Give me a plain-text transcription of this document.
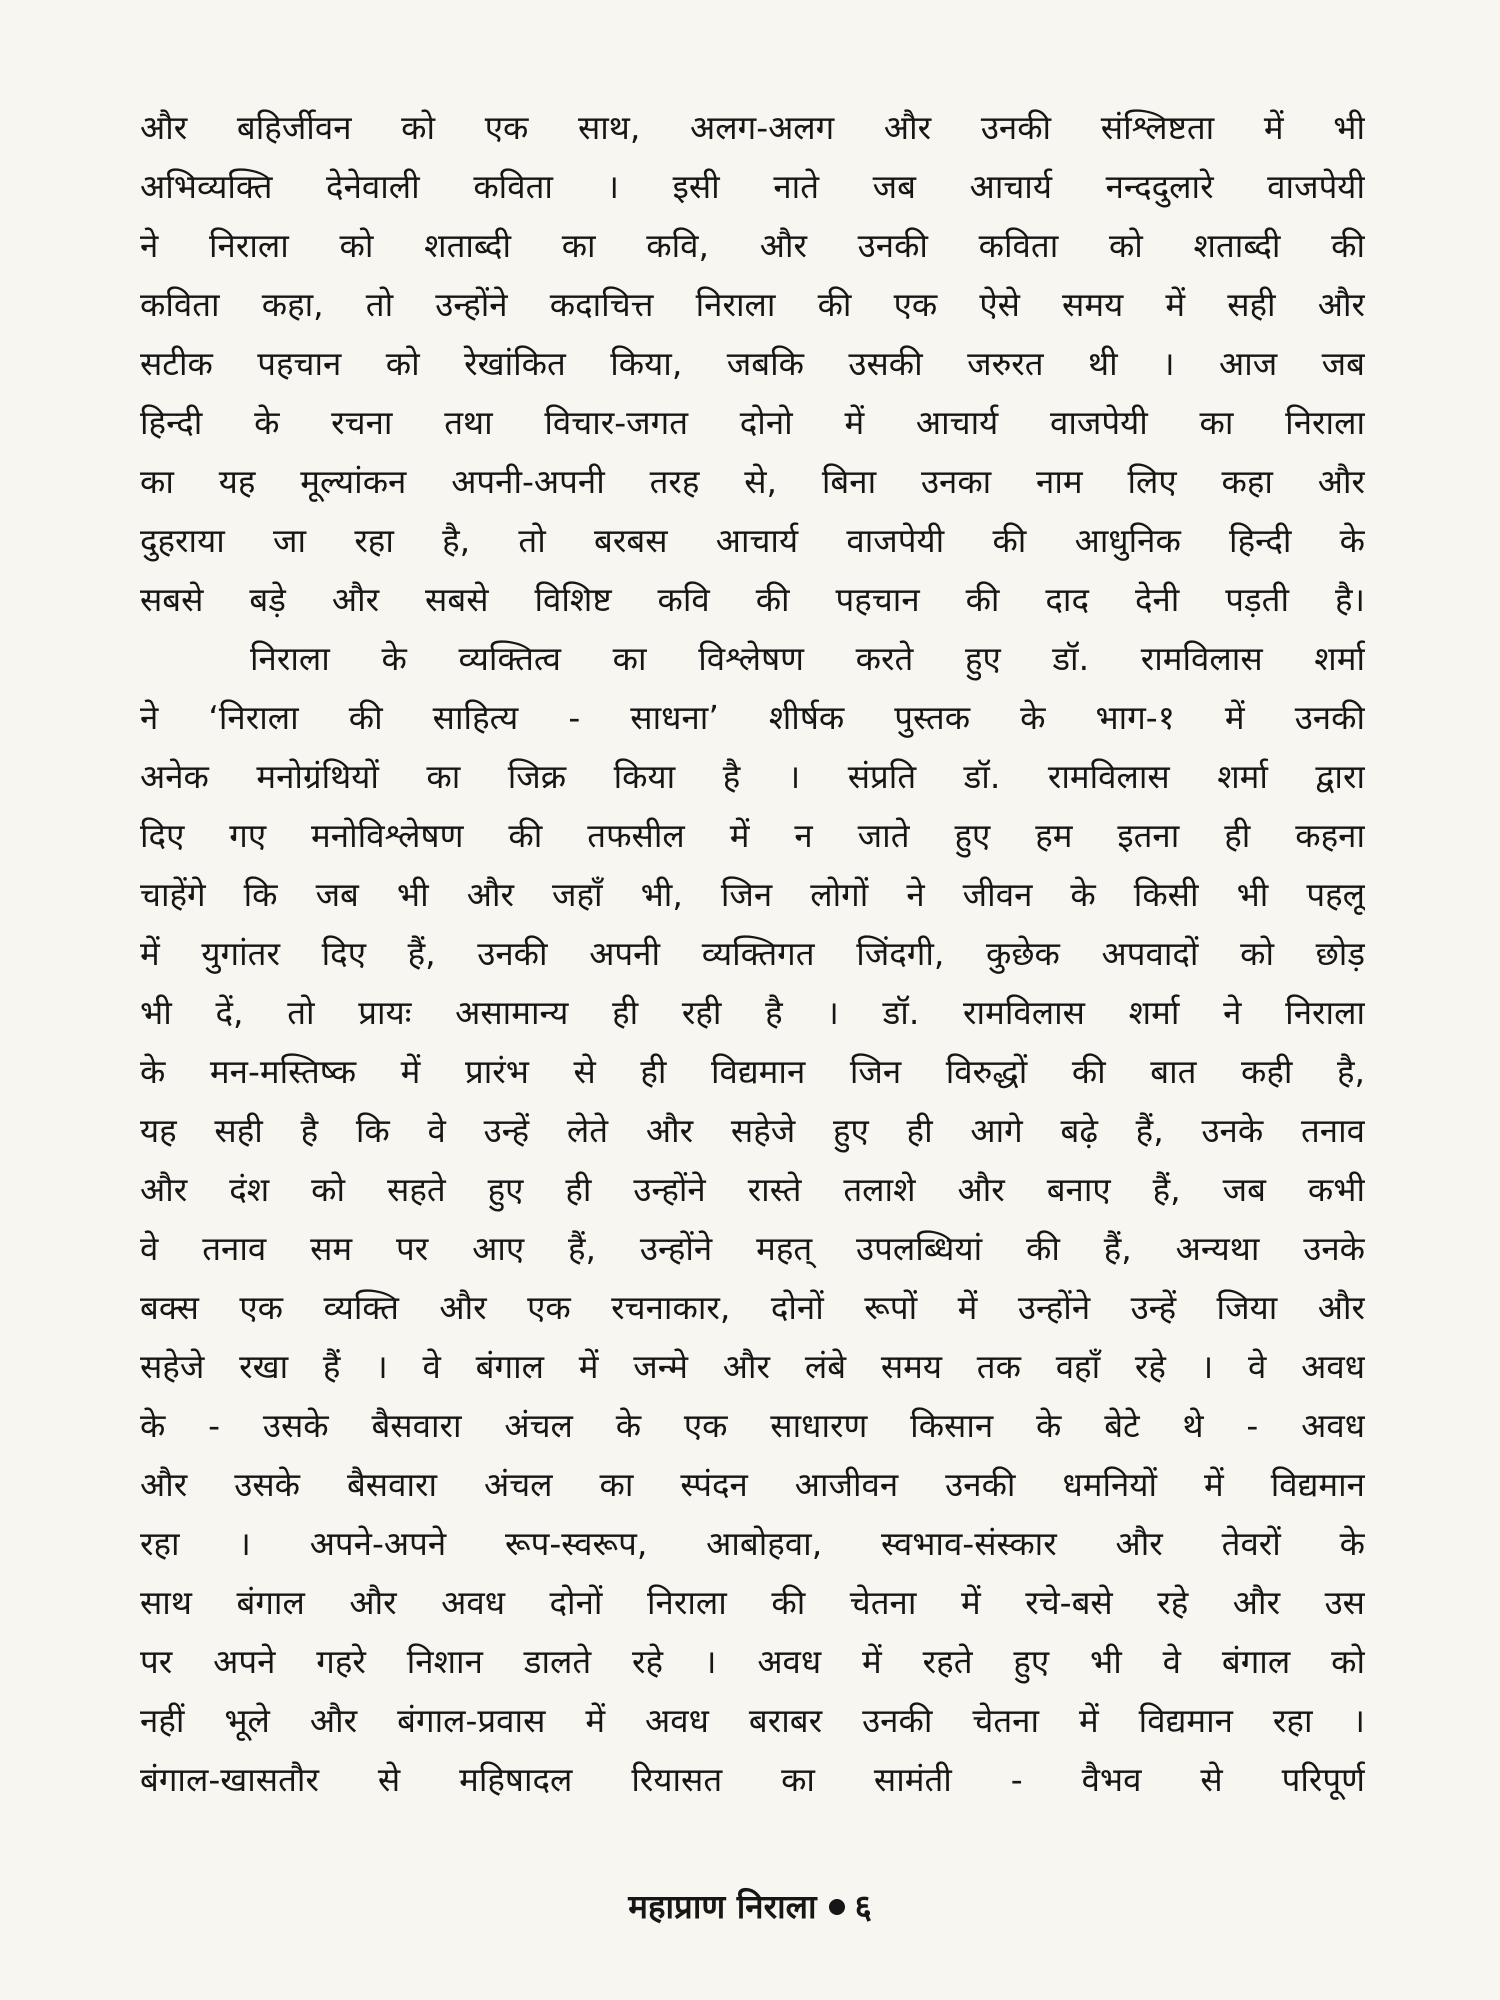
और बहिर्जीवन को एक साथ, अलग-अलग और उनकी संश्लिष्टता में भी
अभिव्यक्ति देनेवाली कविता । इसी नाते जब आचार्य नन्ददुलारे वाजपेयी
ने निराला को शताब्दी का कवि, और उनकी कविता को शताब्दी की
कविता कहा, तो उन्होंने कदाचित्त निराला की एक ऐसे समय में सही और
सटीक पहचान को रेखांकित किया, जबकि उसकी जरुरत थी । आज जब
हिन्दी के रचना तथा विचार-जगत दोनो में आचार्य वाजपेयी का निराला
का यह मूल्यांकन अपनी-अपनी तरह से, बिना उनका नाम लिए कहा और
दुहराया जा रहा है, तो बरबस आचार्य वाजपेयी की आधुनिक हिन्दी के
सबसे बड़े और सबसे विशिष्ट कवि की पहचान की दाद देनी पड़ती है।
निराला के व्यक्तित्व का विश्लेषण करते हुए डॉ. रामविलास शर्मा
ने ‘निराला की साहित्य - साधना’ शीर्षक पुस्तक के भाग-१ में उनकी
अनेक मनोग्रंथियों का जिक्र किया है । संप्रति डॉ. रामविलास शर्मा द्वारा
दिए गए मनोविश्लेषण की तफसील में न जाते हुए हम इतना ही कहना
चाहेंगे कि जब भी और जहाँ भी, जिन लोगों ने जीवन के किसी भी पहलू
में युगांतर दिए हैं, उनकी अपनी व्यक्तिगत जिंदगी, कुछेक अपवादों को छोड़
भी दें, तो प्रायः असामान्य ही रही है । डॉ. रामविलास शर्मा ने निराला
के मन-मस्तिष्क में प्रारंभ से ही विद्यमान जिन विरुद्धों की बात कही है,
यह सही है कि वे उन्हें लेते और सहेजे हुए ही आगे बढ़े हैं, उनके तनाव
और दंश को सहते हुए ही उन्होंने रास्ते तलाशे और बनाए हैं, जब कभी
वे तनाव सम पर आए हैं, उन्होंने महत् उपलब्धियां की हैं, अन्यथा उनके
बक्स एक व्यक्ति और एक रचनाकार, दोनों रूपों में उन्होंने उन्हें जिया और
सहेजे रखा हैं । वे बंगाल में जन्मे और लंबे समय तक वहाँ रहे । वे अवध
के - उसके बैसवारा अंचल के एक साधारण किसान के बेटे थे - अवध
और उसके बैसवारा अंचल का स्पंदन आजीवन उनकी धमनियों में विद्यमान
रहा । अपने-अपने रूप-स्वरूप, आबोहवा, स्वभाव-संस्कार और तेवरों के
साथ बंगाल और अवध दोनों निराला की चेतना में रचे-बसे रहे और उस
पर अपने गहरे निशान डालते रहे । अवध में रहते हुए भी वे बंगाल को
नहीं भूले और बंगाल-प्रवास में अवध बराबर उनकी चेतना में विद्यमान रहा ।
बंगाल-खासतौर से महिषादल रियासत का सामंती - वैभव से परिपूर्ण
महाप्राण निराला ६
